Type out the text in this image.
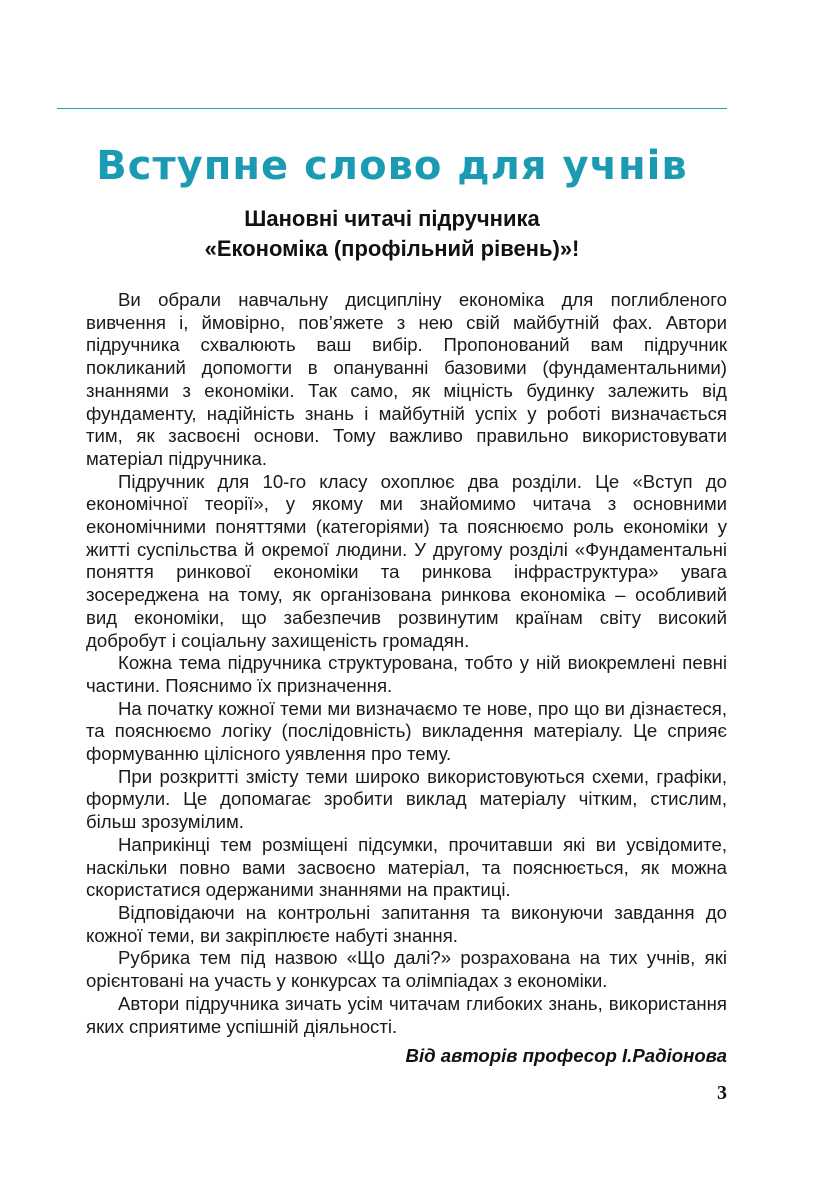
Вступне слово для учнів
Шановні читачі підручника
«Економіка (профільний рівень)»!

Ви обрали навчальну дисципліну економіка для поглибленого вивчення і, ймовірно, пов’яжете з нею свій майбутній фах. Автори підручника схвалюють ваш вибір. Пропонований вам підручник покликаний допомогти в опануванні базовими (фундаментальними) знаннями з економіки. Так само, як міцність будинку залежить від фундаменту, надійність знань і майбутній успіх у роботі визначається тим, як засвоєні основи. Тому важливо правильно використовувати матеріал підручника.

Підручник для 10-го класу охоплює два розділи. Це «Вступ до економічної теорії», у якому ми знайомимо читача з основними економічними поняттями (категоріями) та пояснюємо роль економіки у житті суспільства й окремої людини. У другому розділі «Фундаментальні поняття ринкової економіки та ринкова інфраструктура» увага зосереджена на тому, як організована ринкова економіка – особливий вид економіки, що забезпечив розвинутим країнам світу високий добробут і соціальну захищеність громадян.

Кожна тема підручника структурована, тобто у ній виокремлені певні частини. Пояснимо їх призначення.

На початку кожної теми ми визначаємо те нове, про що ви дізнаєтеся, та пояснюємо логіку (послідовність) викладення матеріалу. Це сприяє формуванню цілісного уявлення про тему.

При розкритті змісту теми широко використовуються схеми, графіки, формули. Це допомагає зробити виклад матеріалу чітким, стислим, більш зрозумілим.

Наприкінці тем розміщені підсумки, прочитавши які ви усвідомите, наскільки повно вами засвоєно матеріал, та пояснюється, як можна скористатися одержаними знаннями на практиці.

Відповідаючи на контрольні запитання та виконуючи завдання до кожної теми, ви закріплюєте набуті знання.

Рубрика тем під назвою «Що далі?» розрахована на тих учнів, які орієнтовані на участь у конкурсах та олімпіадах з економіки.

Автори підручника зичать усім читачам глибоких знань, використання яких сприятиме успішній діяльності.

Від авторів професор І.Радіонова

3
